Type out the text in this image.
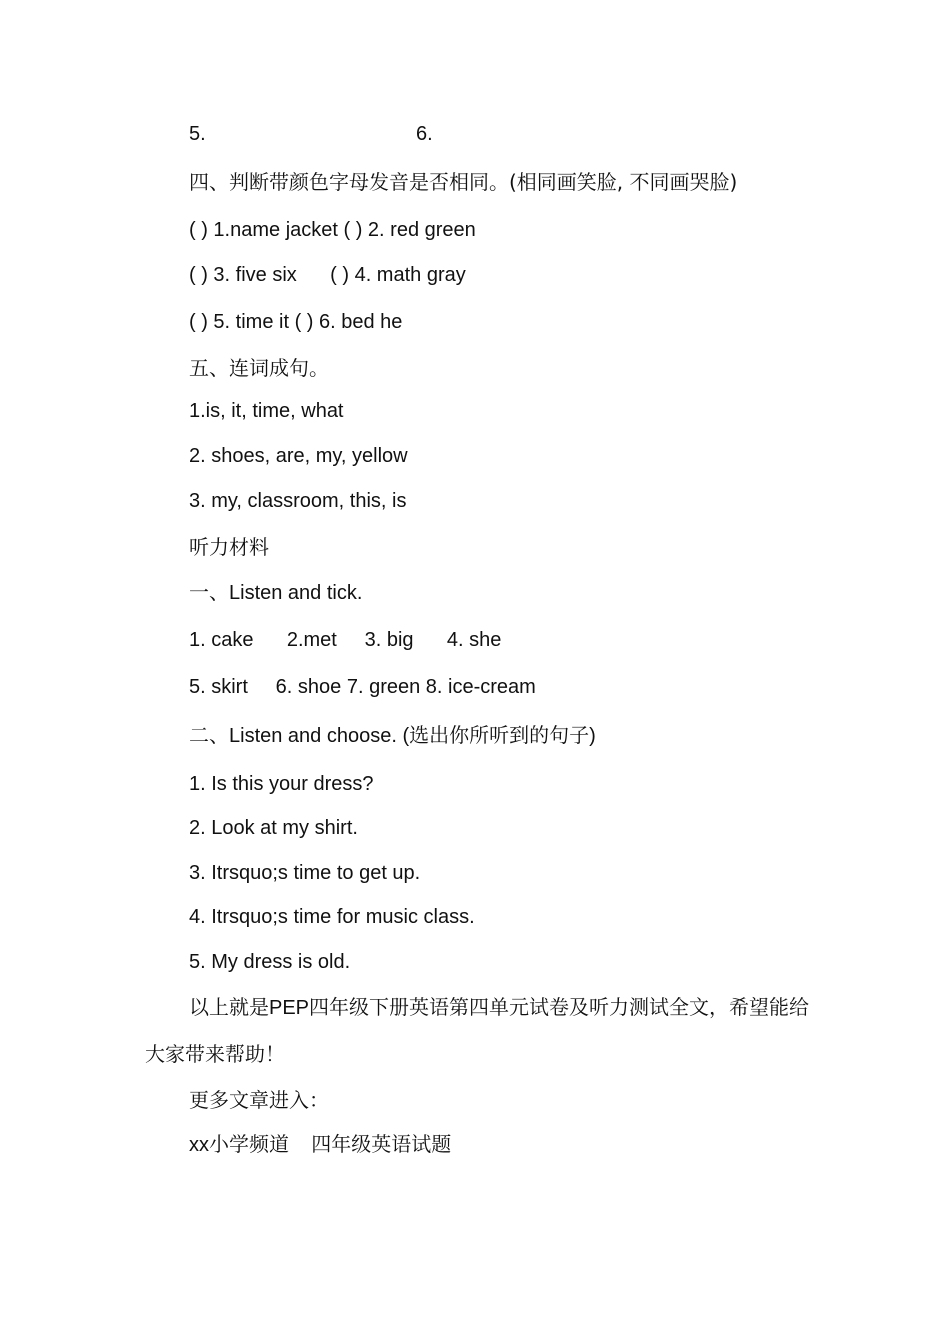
5.	6.
四、判断带颜色字母发音是否相同。(相同画笑脸, 不同画哭脸)
( ) 1.name jacket ( ) 2. red green
( ) 3. five six      ( ) 4. math gray
( ) 5. time it ( ) 6. bed he
五、连词成句。
1.is, it, time, what
2. shoes, are, my, yellow
3. my, classroom, this, is
听力材料
一、Listen and tick.
1. cake      2.met     3. big      4. she
5. skirt     6. shoe 7. green 8. ice-cream
二、Listen and choose. (选出你所听到的句子)
1. Is this your dress?
2. Look at my shirt.
3. Itrsquo;s time to get up.
4. Itrsquo;s time for music class.
5. My dress is old.
以上就是PEP四年级下册英语第四单元试卷及听力测试全文，希望能给大家带来帮助！
更多文章进入：
xx小学频道    四年级英语试题
